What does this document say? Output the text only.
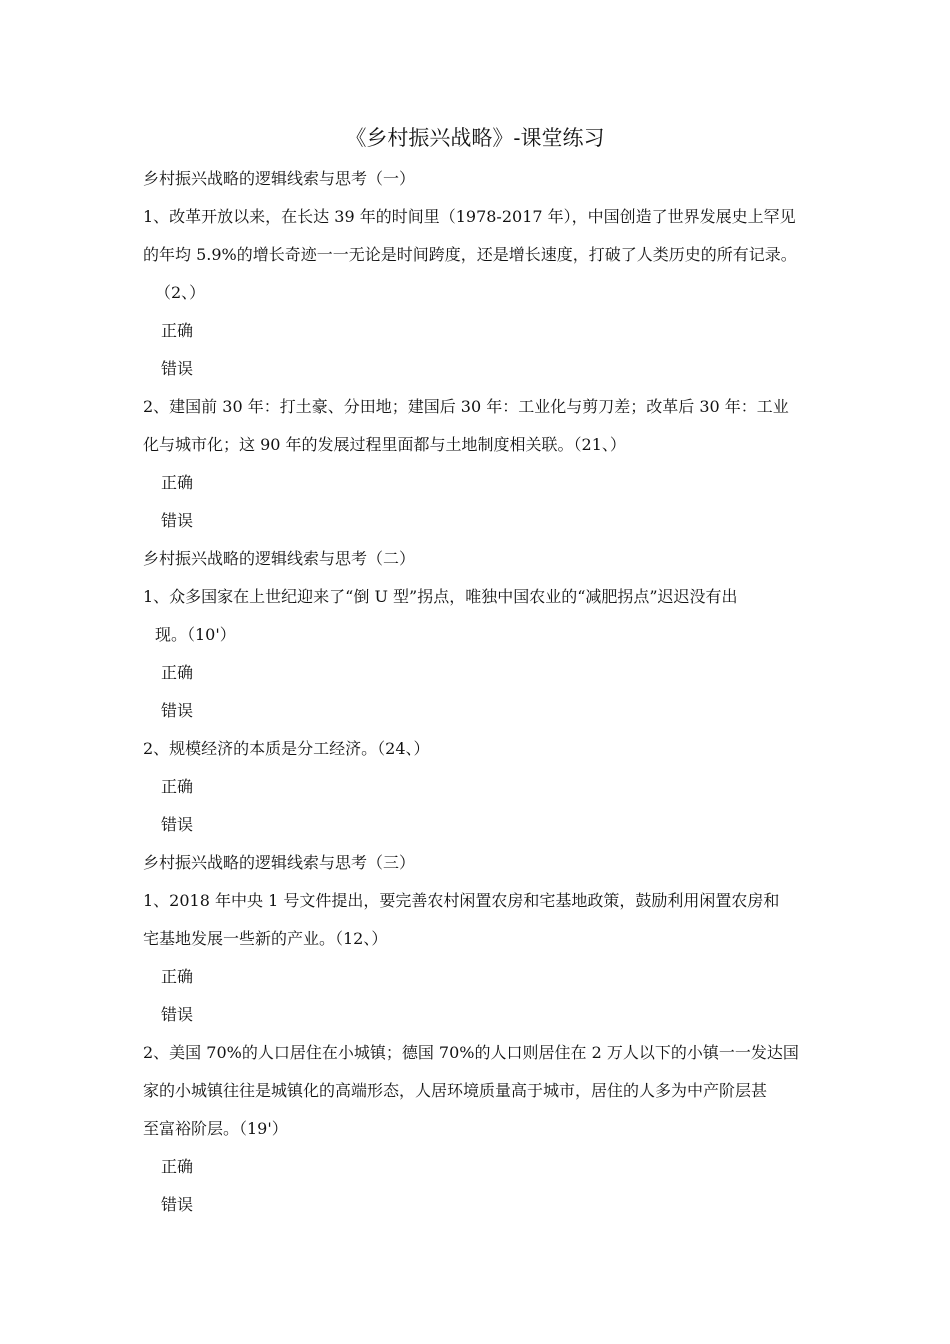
《乡村振兴战略》-课堂练习
乡村振兴战略的逻辑线索与思考（一）
1、改革开放以来，在长达 39 年的时间里（1978-2017 年），中国创造了世界发展史上罕见
的年均 5.9%的增长奇迹一一无论是时间跨度，还是增长速度，打破了人类历史的所有记录。
（2、）
正确
错误
2、建国前 30 年：打土豪、分田地；建国后 30 年：工业化与剪刀差；改革后 30 年：工业
化与城市化；这 90 年的发展过程里面都与土地制度相关联。（21、）
正确
错误
乡村振兴战略的逻辑线索与思考（二）
1、众多国家在上世纪迎来了“倒 U 型”拐点，唯独中国农业的“减肥拐点”迟迟没有出
现。（10'）
正确
错误
2、规模经济的本质是分工经济。（24、）
正确
错误
乡村振兴战略的逻辑线索与思考（三）
1、2018 年中央 1 号文件提出，要完善农村闲置农房和宅基地政策，鼓励利用闲置农房和
宅基地发展一些新的产业。（12、）
正确
错误
2、美国 70%的人口居住在小城镇；德国 70%的人口则居住在 2 万人以下的小镇一一发达国
家的小城镇往往是城镇化的高端形态，人居环境质量高于城市，居住的人多为中产阶层甚
至富裕阶层。（19'）
正确
错误
